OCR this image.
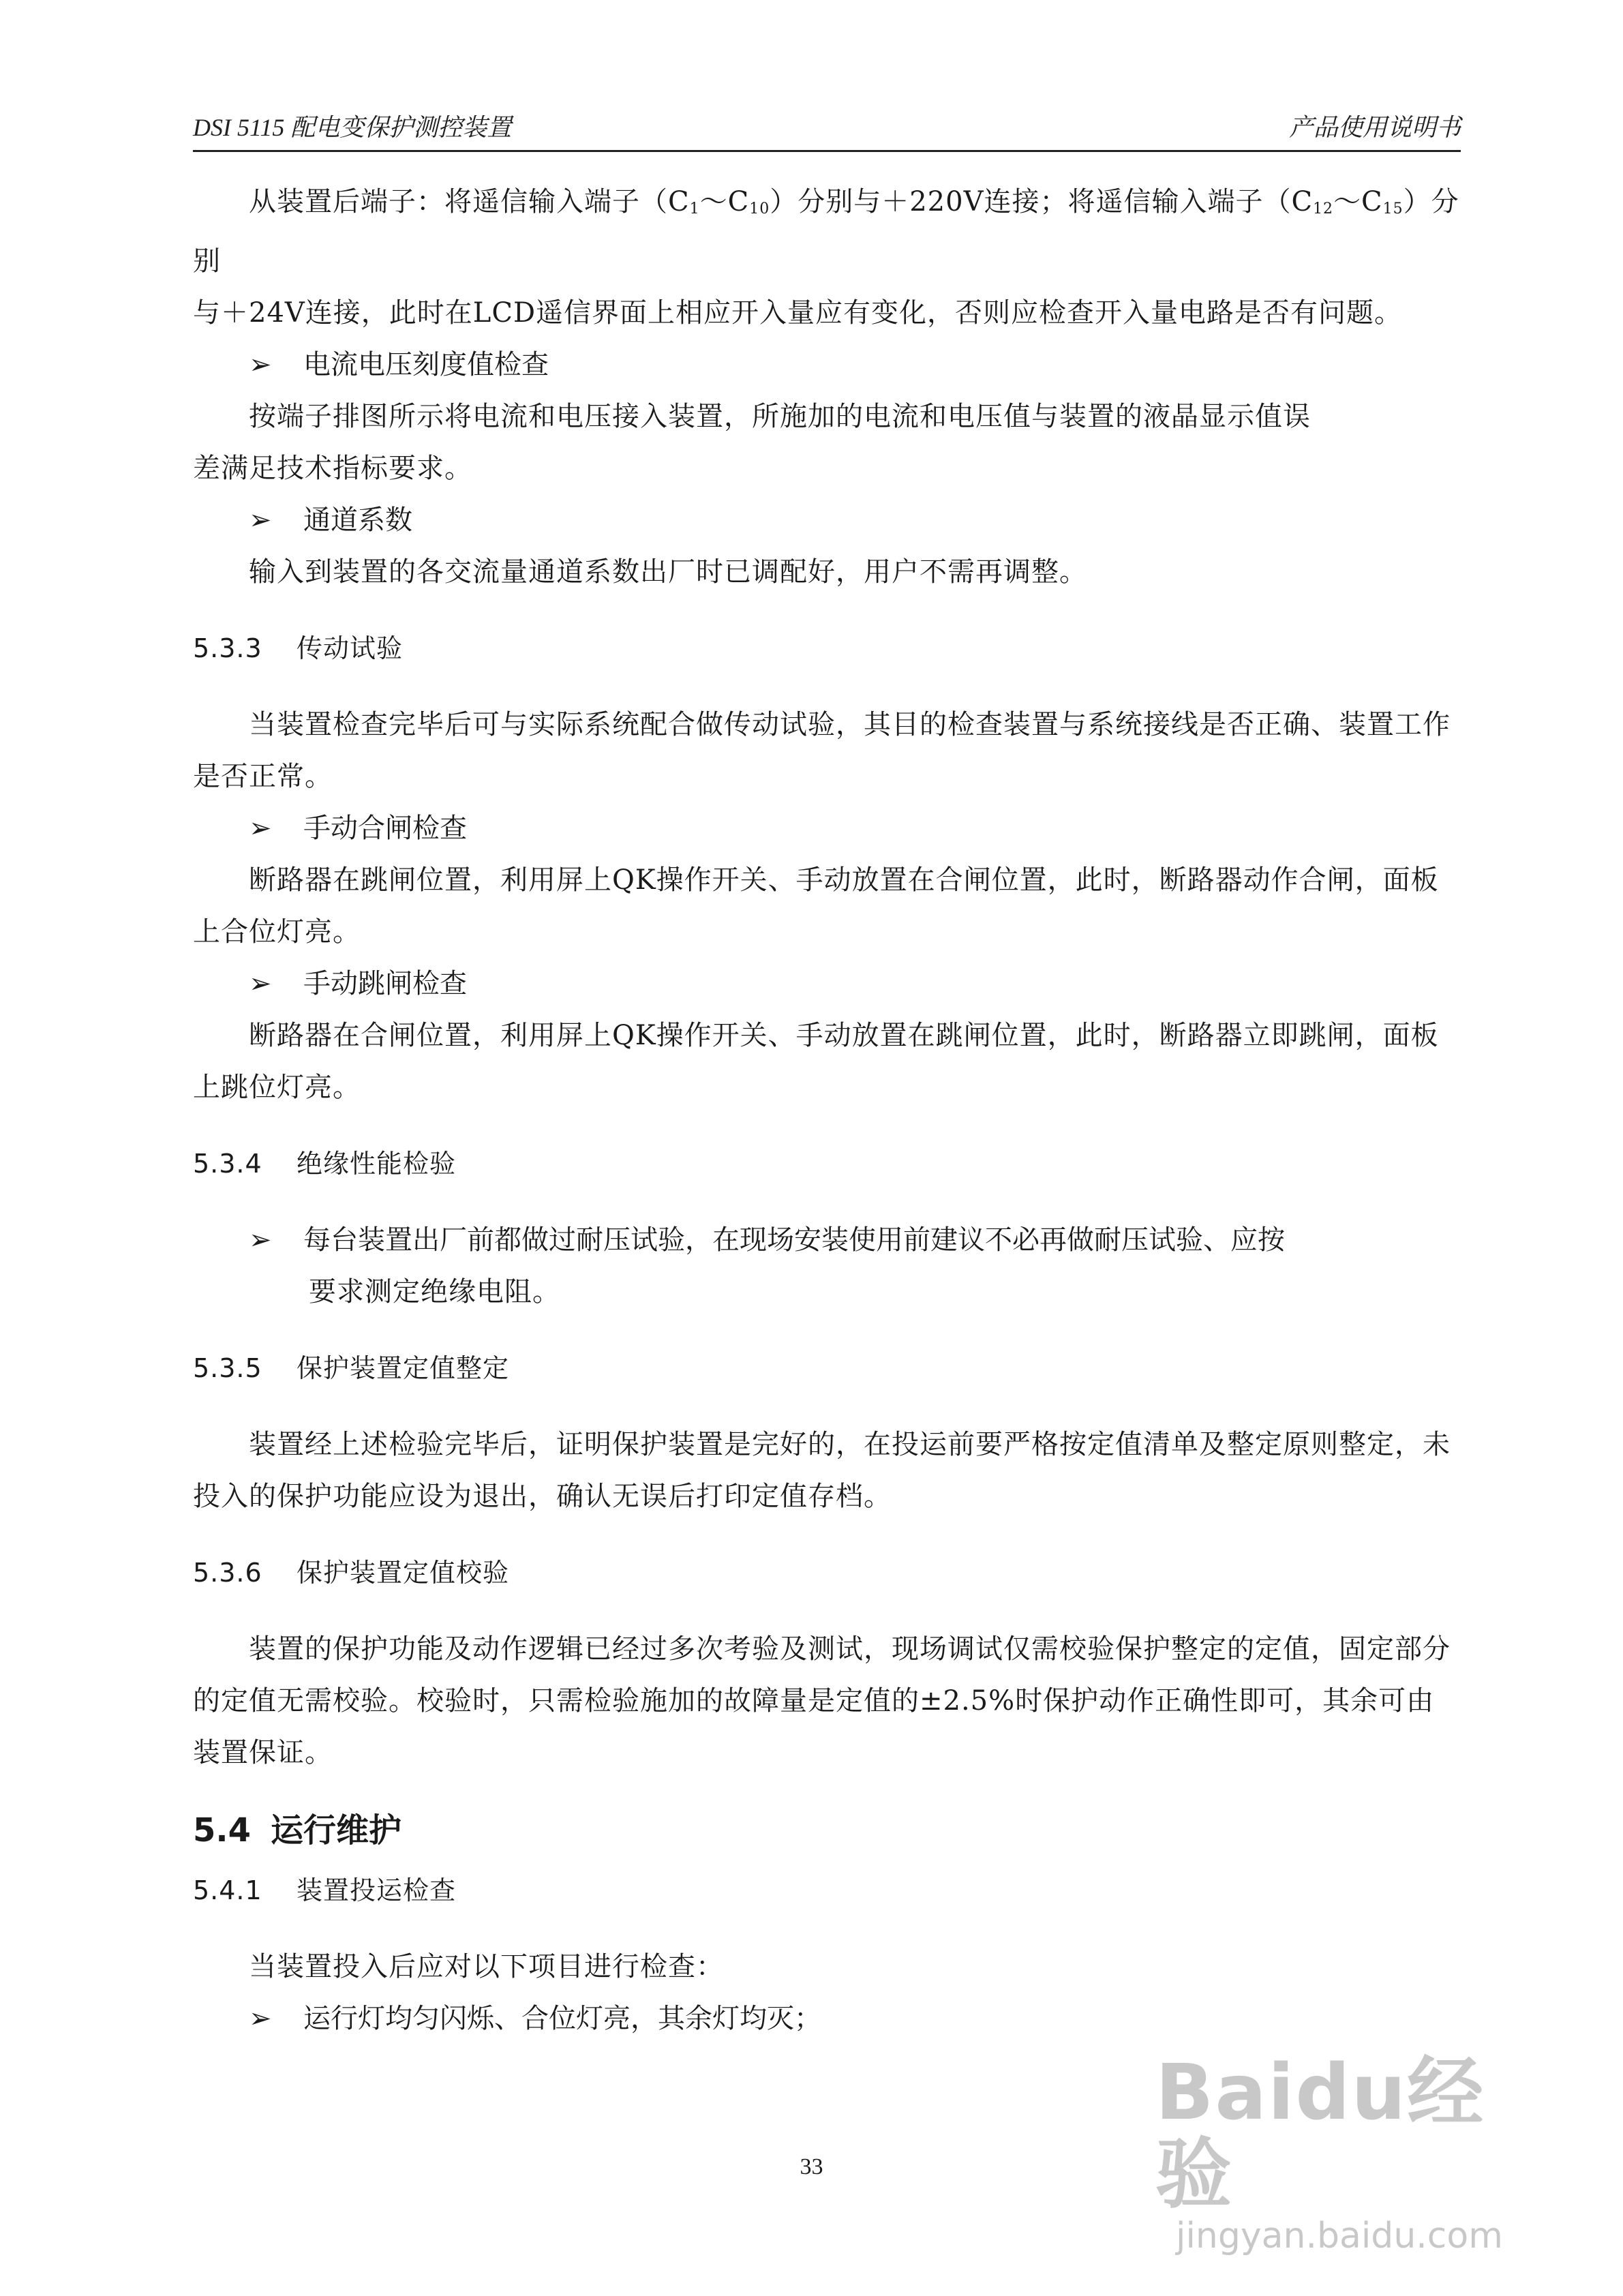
DSI 5115 配电变保护测控装置	产品使用说明书

从装置后端子：将遥信输入端子$(C_1\sim C_{10})$分别与＋220V连接；将遥信输入端子$(C_{12}\sim C_{15})$分别

与＋24V连接，此时在LCD遥信界面上相应开入量应有变化，否则应检查开入量电路是否有问题。

➢ 电流电压刻度值检查

按端子排图所示将电流和电压接入装置，所施加的电流和电压值与装置的液晶显示值误

差满足技术指标要求。

➢ 通道系数

输入到装置的各交流量通道系数出厂时已调配好，用户不需再调整。

5.3.3 传动试验

当装置检查完毕后可与实际系统配合做传动试验，其目的检查装置与系统接线是否正确、装置工作是否正常。

➢ 手动合闸检查

断路器在跳闸位置，利用屏上QK操作开关、手动放置在合闸位置，此时，断路器动作合闸，面板上合位灯亮。

➢ 手动跳闸检查

断路器在合闸位置，利用屏上QK操作开关、手动放置在跳闸位置，此时，断路器立即跳闸，面板上跳位灯亮。

5.3.4 绝缘性能检验

➢ 每台装置出厂前都做过耐压试验，在现场安装使用前建议不必再做耐压试验、应按

要求测定绝缘电阻。

5.3.5 保护装置定值整定

装置经上述检验完毕后，证明保护装置是完好的，在投运前要严格按定值清单及整定原则整定，未投入的保护功能应设为退出，确认无误后打印定值存档。

5.3.6 保护装置定值校验

装置的保护功能及动作逻辑已经过多次考验及测试，现场调试仅需校验保护整定的定值，固定部分的定值无需校验。校验时，只需检验施加的故障量是定值的±2.5%时保护动作正确性即可，其余可由装置保证。

5.4 运行维护

5.4.1 装置投运检查

当装置投入后应对以下项目进行检查：

➢ 运行灯均匀闪烁、合位灯亮，其余灯均灭；

Baidu经验
jingyan.baidu.com
33
